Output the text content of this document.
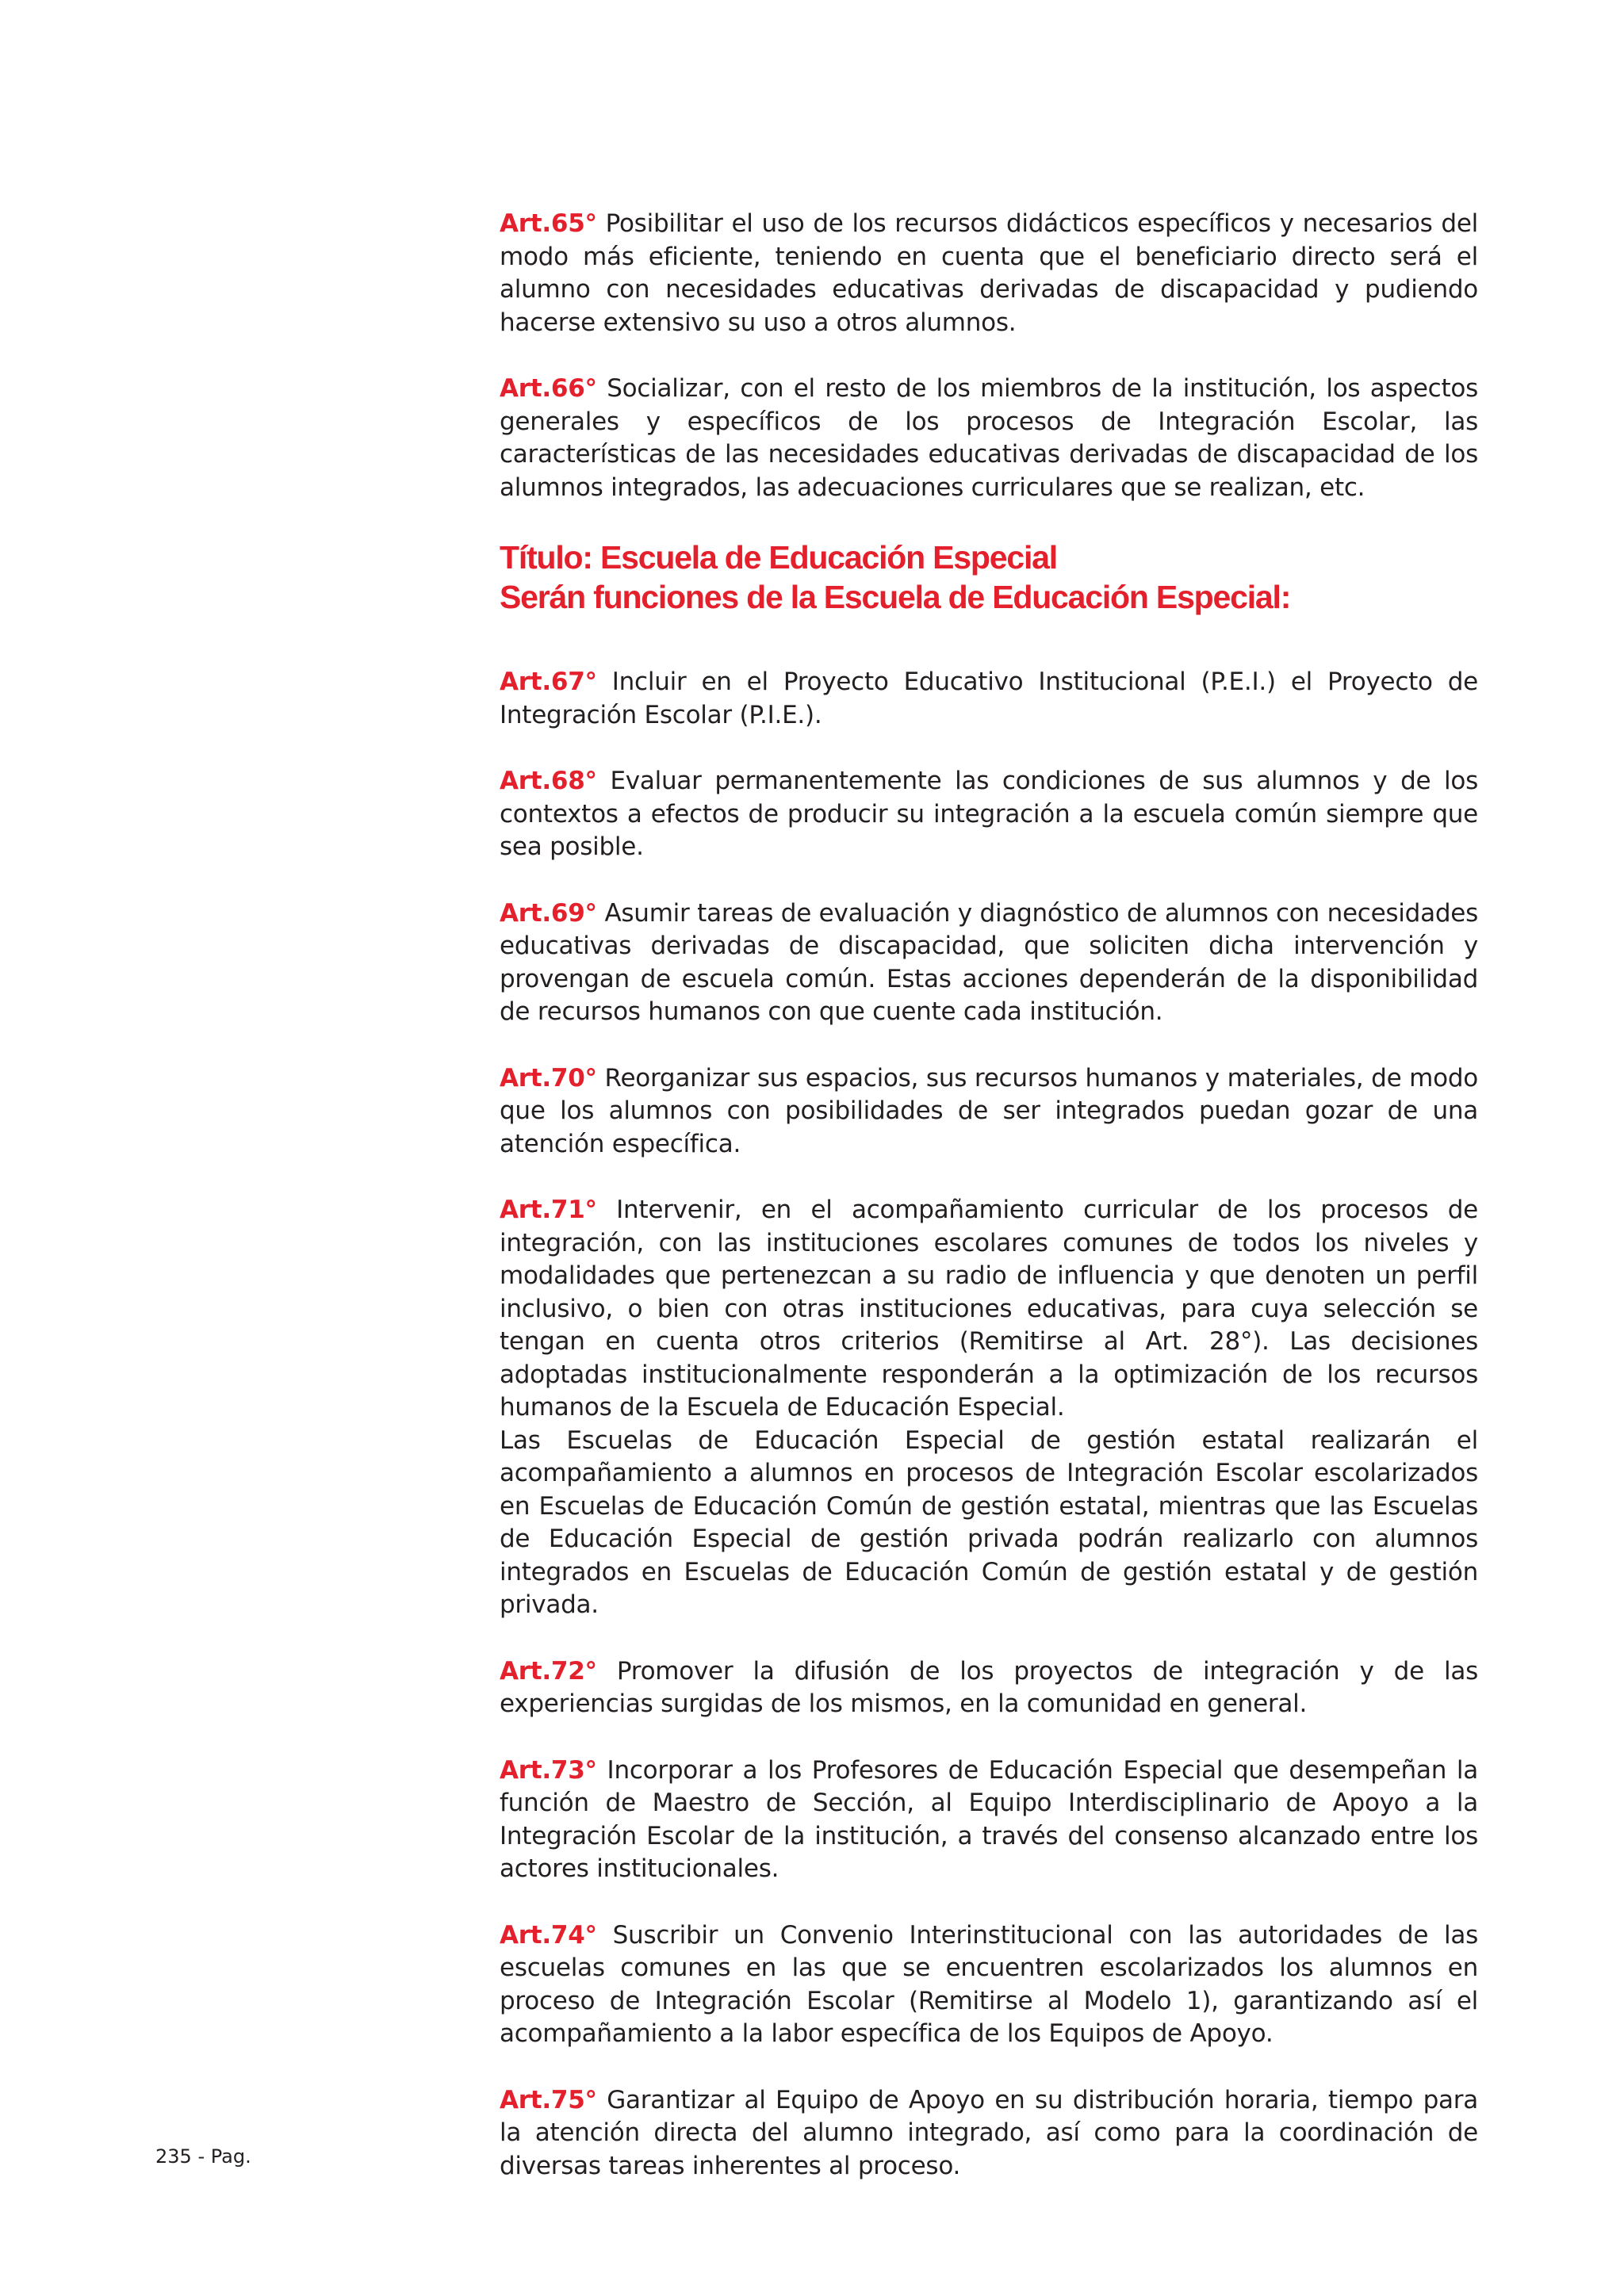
Art.65° Posibilitar el uso de los recursos didácticos específicos y necesarios del modo más eficiente, teniendo en cuenta que el beneficiario directo será el alumno con necesidades educativas derivadas de discapacidad y pudiendo hacerse extensivo su uso a otros alumnos.

Art.66° Socializar, con el resto de los miembros de la institución, los aspectos generales y específicos de los procesos de Integración Escolar, las características de las necesidades educativas derivadas de discapacidad de los alumnos integrados, las adecuaciones curriculares que se realizan, etc.

Título: Escuela de Educación Especial
Serán funciones de la Escuela de Educación Especial:

Art.67° Incluir en el Proyecto Educativo Institucional (P.E.I.) el Proyecto de Integración Escolar (P.I.E.).

Art.68° Evaluar permanentemente las condiciones de sus alumnos y de los contextos a efectos de producir su integración a la escuela común siempre que sea posible.

Art.69° Asumir tareas de evaluación y diagnóstico de alumnos con necesidades educativas derivadas de discapacidad, que soliciten dicha intervención y provengan de escuela común. Estas acciones dependerán de la disponibilidad de recursos humanos con que cuente cada institución.

Art.70° Reorganizar sus espacios, sus recursos humanos y materiales, de modo que los alumnos con posibilidades de ser integrados puedan gozar de una atención específica.

Art.71° Intervenir, en el acompañamiento curricular de los procesos de integración, con las instituciones escolares comunes de todos los niveles y modalidades que pertenezcan a su radio de influencia y que denoten un perfil inclusivo, o bien con otras instituciones educativas, para cuya selección se tengan en cuenta otros criterios (Remitirse al Art. 28°). Las decisiones adoptadas institucionalmente responderán a la optimización de los recursos humanos de la Escuela de Educación Especial.

Las Escuelas de Educación Especial de gestión estatal realizarán el acompañamiento a alumnos en procesos de Integración Escolar escolarizados en Escuelas de Educación Común de gestión estatal, mientras que las Escuelas de Educación Especial de gestión privada podrán realizarlo con alumnos integrados en Escuelas de Educación Común de gestión estatal y de gestión privada.

Art.72° Promover la difusión de los proyectos de integración y de las experiencias surgidas de los mismos, en la comunidad en general.

Art.73° Incorporar a los Profesores de Educación Especial que desempeñan la función de Maestro de Sección, al Equipo Interdisciplinario de Apoyo a la Integración Escolar de la institución, a través del consenso alcanzado entre los actores institucionales.

Art.74° Suscribir un Convenio Interinstitucional con las autoridades de las escuelas comunes en las que se encuentren escolarizados los alumnos en proceso de Integración Escolar (Remitirse al Modelo 1), garantizando así el acompañamiento a la labor específica de los Equipos de Apoyo.

Art.75° Garantizar al Equipo de Apoyo en su distribución horaria, tiempo para la atención directa del alumno integrado, así como para la coordinación de diversas tareas inherentes al proceso.

235 - Pag.
